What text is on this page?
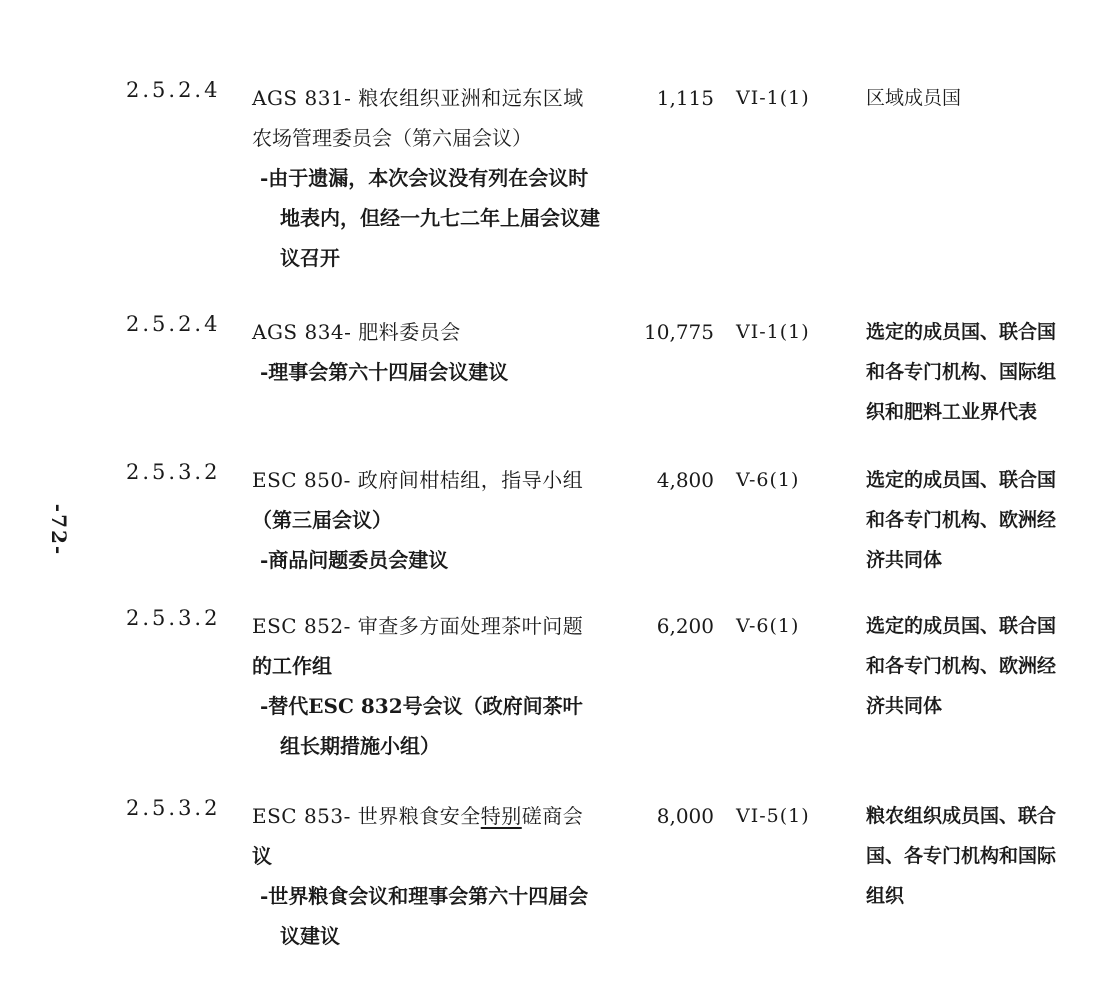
-72-
2.5.2.4 AGS 831- 粮农组织亚洲和远东区域
农场管理委员会（第六届会议）
-由于遗漏，本次会议没有列在会议时
地表内，但经一九七二年上届会议建
议召开
1,115 VI-1(1)	区域成员国
2.5.2.4 AGS 834- 肥料委员会
-理事会第六十四届会议建议
10,775 VI-1(1)	选定的成员国、联合国
和各专门机构、国际组
织和肥料工业界代表
2.5.3.2 ESC 850- 政府间柑桔组，指导小组
（第三届会议）
-商品问题委员会建议
4,800 V-6(1)	选定的成员国、联合国
和各专门机构、欧洲经
济共同体
2.5.3.2 ESC 852- 审查多方面处理茶叶问题
的工作组
-替代ESC 832号会议（政府间茶叶
组长期措施小组）
6,200 V-6(1)	选定的成员国、联合国
和各专门机构、欧洲经
济共同体
2.5.3.2 ESC 853- 世界粮食安全特别磋商会
议
-世界粮食会议和理事会第六十四届会
议建议
8,000 VI-5(1)	粮农组织成员国、联合
国、各专门机构和国际
组织
